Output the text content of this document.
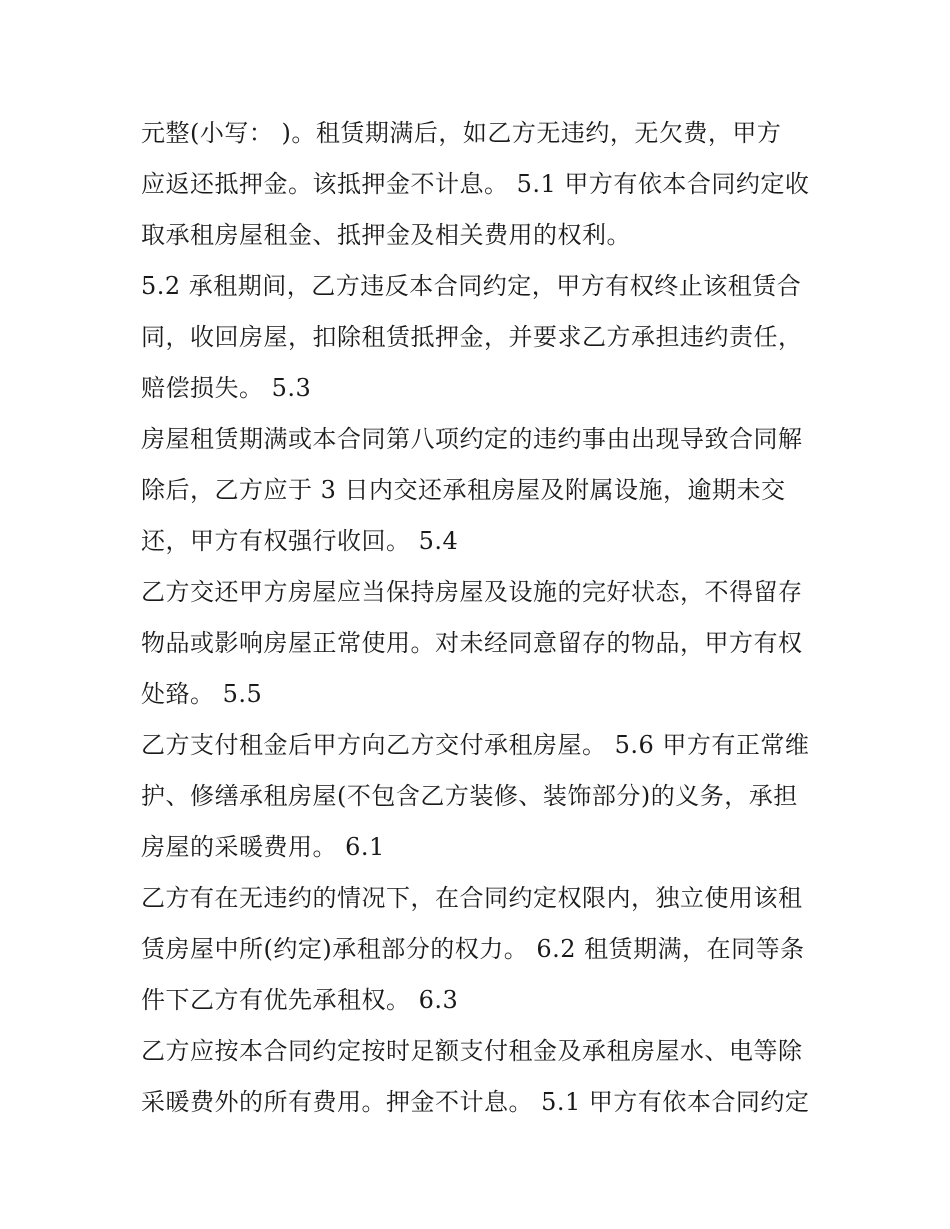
元整(小写： )。租赁期满后，如乙方无违约，无欠费，甲方
应返还抵押金。该抵押金不计息。 5.1 甲方有依本合同约定收
取承租房屋租金、抵押金及相关费用的权利。
5.2 承租期间，乙方违反本合同约定，甲方有权终止该租赁合
同，收回房屋，扣除租赁抵押金，并要求乙方承担违约责任，
赔偿损失。 5.3
房屋租赁期满或本合同第八项约定的违约事由出现导致合同解
除后，乙方应于 3 日内交还承租房屋及附属设施，逾期未交
还，甲方有权强行收回。 5.4
乙方交还甲方房屋应当保持房屋及设施的完好状态，不得留存
物品或影响房屋正常使用。对未经同意留存的物品，甲方有权
处臵。 5.5
乙方支付租金后甲方向乙方交付承租房屋。 5.6 甲方有正常维
护、修缮承租房屋(不包含乙方装修、装饰部分)的义务，承担
房屋的采暖费用。 6.1
乙方有在无违约的情况下，在合同约定权限内，独立使用该租
赁房屋中所(约定)承租部分的权力。 6.2 租赁期满，在同等条
件下乙方有优先承租权。 6.3
乙方应按本合同约定按时足额支付租金及承租房屋水、电等除
采暖费外的所有费用。押金不计息。 5.1 甲方有依本合同约定
